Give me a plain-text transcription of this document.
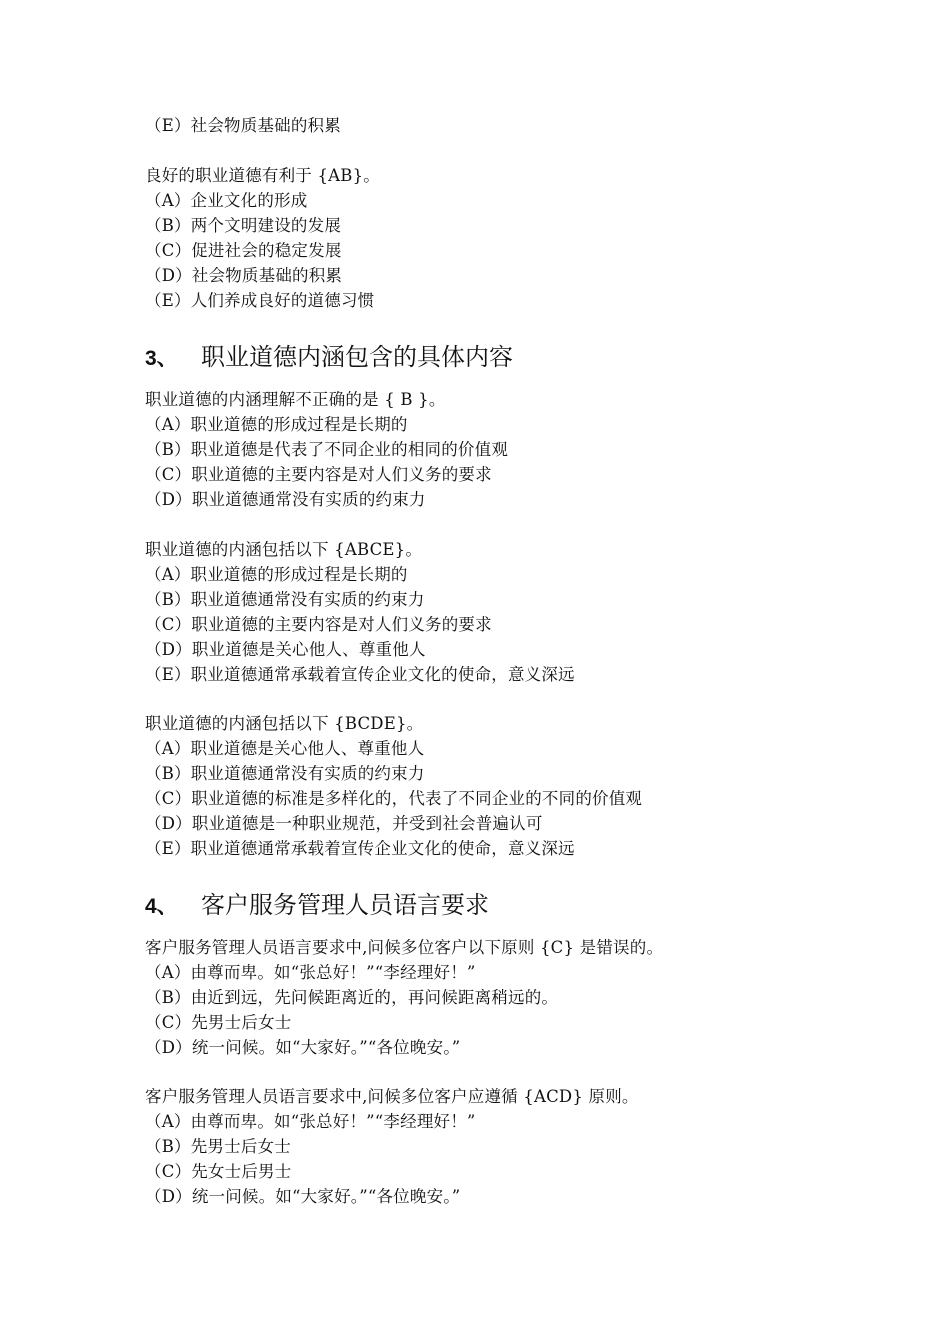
（E）社会物质基础的积累
良好的职业道德有利于 {AB}。
（A）企业文化的形成
（B）两个文明建设的发展
（C）促进社会的稳定发展
（D）社会物质基础的积累
（E）人们养成良好的道德习惯
3、 职业道德内涵包含的具体内容
职业道德的内涵理解不正确的是 { B }。
（A）职业道德的形成过程是长期的
（B）职业道德是代表了不同企业的相同的价值观
（C）职业道德的主要内容是对人们义务的要求
（D）职业道德通常没有实质的约束力
职业道德的内涵包括以下 {ABCE}。
（A）职业道德的形成过程是长期的
（B）职业道德通常没有实质的约束力
（C）职业道德的主要内容是对人们义务的要求
（D）职业道德是关心他人、尊重他人
（E）职业道德通常承载着宣传企业文化的使命，意义深远
职业道德的内涵包括以下 {BCDE}。
（A）职业道德是关心他人、尊重他人
（B）职业道德通常没有实质的约束力
（C）职业道德的标准是多样化的，代表了不同企业的不同的价值观
（D）职业道德是一种职业规范，并受到社会普遍认可
（E）职业道德通常承载着宣传企业文化的使命，意义深远
4、 客户服务管理人员语言要求
客户服务管理人员语言要求中,问候多位客户以下原则 {C} 是错误的。
（A）由尊而卑。如“张总好！”“李经理好！”
（B）由近到远，先问候距离近的，再问候距离稍远的。
（C）先男士后女士
（D）统一问候。如“大家好。”“各位晚安。”
客户服务管理人员语言要求中,问候多位客户应遵循 {ACD} 原则。
（A）由尊而卑。如“张总好！”“李经理好！”
（B）先男士后女士
（C）先女士后男士
（D）统一问候。如“大家好。”“各位晚安。”
